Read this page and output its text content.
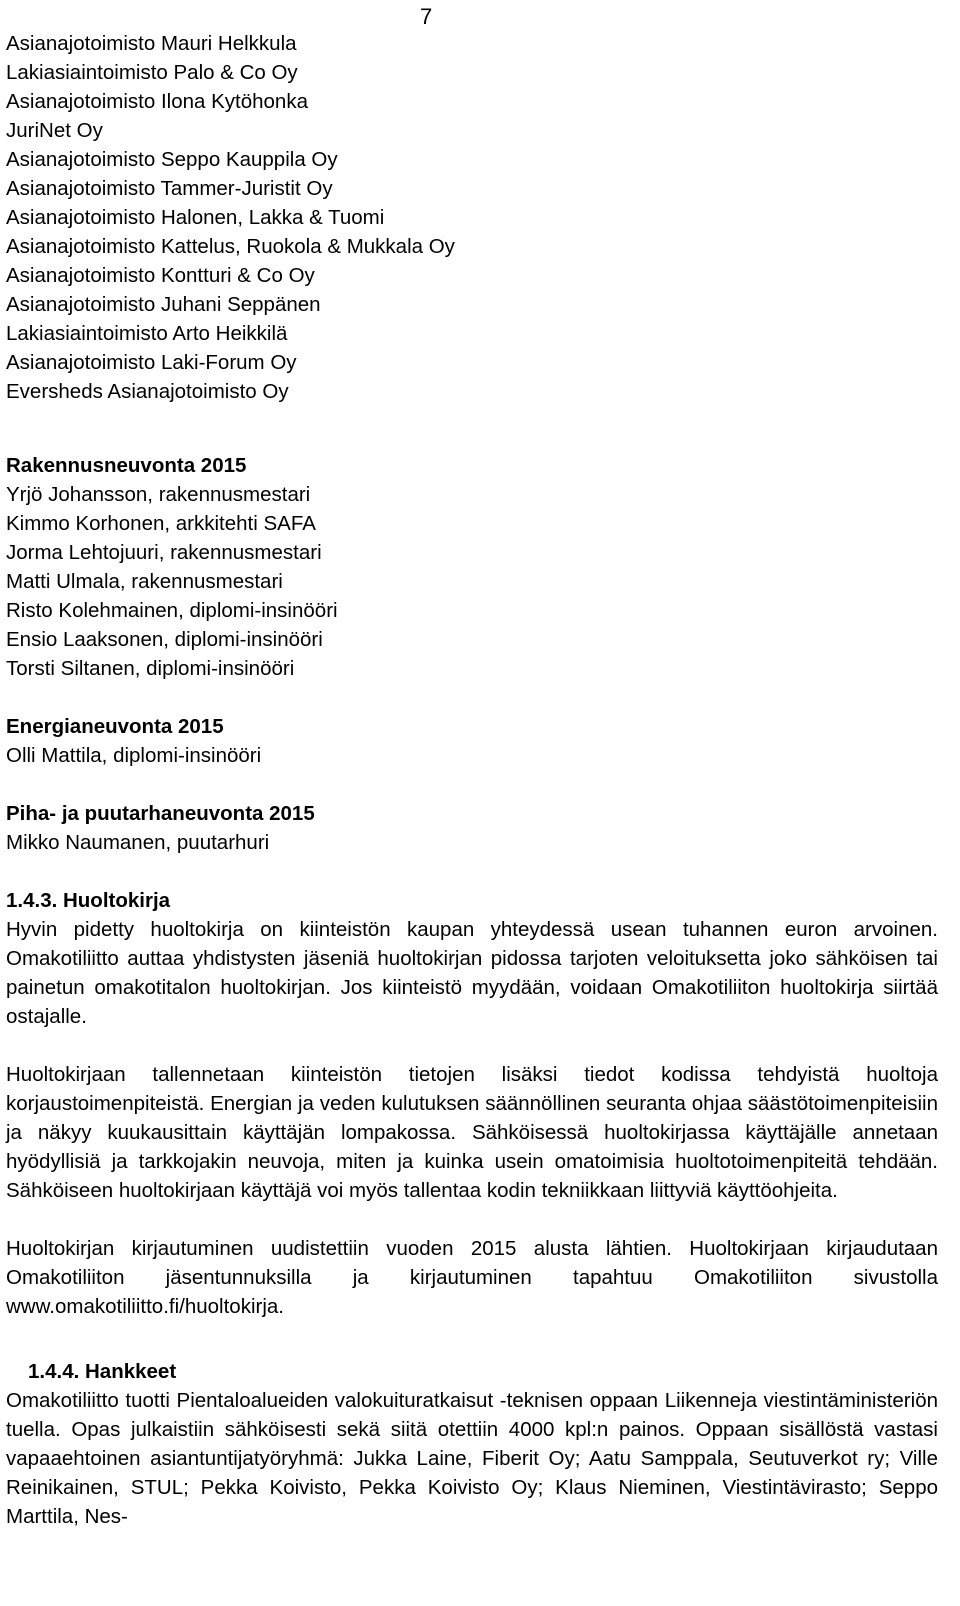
7
Asianajotoimisto Mauri Helkkula
Lakiasiaintoimisto Palo & Co Oy
Asianajotoimisto Ilona Kytöhonka
JuriNet Oy
Asianajotoimisto Seppo Kauppila Oy
Asianajotoimisto Tammer-Juristit Oy
Asianajotoimisto Halonen, Lakka & Tuomi
Asianajotoimisto Kattelus, Ruokola & Mukkala Oy
Asianajotoimisto Kontturi & Co Oy
Asianajotoimisto Juhani Seppänen
Lakiasiaintoimisto Arto Heikkilä
Asianajotoimisto Laki-Forum Oy
Eversheds Asianajotoimisto Oy
Rakennusneuvonta 2015
Yrjö Johansson, rakennusmestari
Kimmo Korhonen, arkkitehti SAFA
Jorma Lehtojuuri, rakennusmestari
Matti Ulmala, rakennusmestari
Risto Kolehmainen, diplomi-insinööri
Ensio Laaksonen, diplomi-insinööri
Torsti Siltanen, diplomi-insinööri
Energianeuvonta 2015
Olli Mattila, diplomi-insinööri
Piha- ja puutarhaneuvonta 2015
Mikko Naumanen, puutarhuri
1.4.3. Huoltokirja

Hyvin pidetty huoltokirja on kiinteistön kaupan yhteydessä usean tuhannen euron arvoinen. Omakotiliitto auttaa yhdistysten jäseniä huoltokirjan pidossa tarjoten veloituksetta joko sähköisen tai painetun omakotitalon huoltokirjan. Jos kiinteistö myydään, voidaan Omakotiliiton huoltokirja siirtää ostajalle.

Huoltokirjaan tallennetaan kiinteistön tietojen lisäksi tiedot kodissa tehdyistä huoltoja korjaustoimenpiteistä. Energian ja veden kulutuksen säännöllinen seuranta ohjaa säästötoimenpiteisiin ja näkyy kuukausittain käyttäjän lompakossa. Sähköisessä huoltokirjassa käyttäjälle annetaan hyödyllisiä ja tarkkojakin neuvoja, miten ja kuinka usein omatoimisia huoltotoimenpiteitä tehdään. Sähköiseen huoltokirjaan käyttäjä voi myös tallentaa kodin tekniikkaan liittyviä käyttöohjeita.

Huoltokirjan kirjautuminen uudistettiin vuoden 2015 alusta lähtien. Huoltokirjaan kirjaudutaan Omakotiliiton jäsentunnuksilla ja kirjautuminen tapahtuu Omakotiliiton sivustolla www.omakotiliitto.fi/huoltokirja.

1.4.4. Hankkeet

Omakotiliitto tuotti Pientaloalueiden valokuituratkaisut -teknisen oppaan Liikenneja viestintäministeriön tuella. Opas julkaistiin sähköisesti sekä siitä otettiin 4000 kpl:n painos. Oppaan sisällöstä vastasi vapaaehtoinen asiantuntijatyöryhmä: Jukka Laine, Fiberit Oy; Aatu Samppala, Seutuverkot ry; Ville Reinikainen, STUL; Pekka Koivisto, Pekka Koivisto Oy; Klaus Nieminen, Viestintävirasto; Seppo Marttila, Nes-
